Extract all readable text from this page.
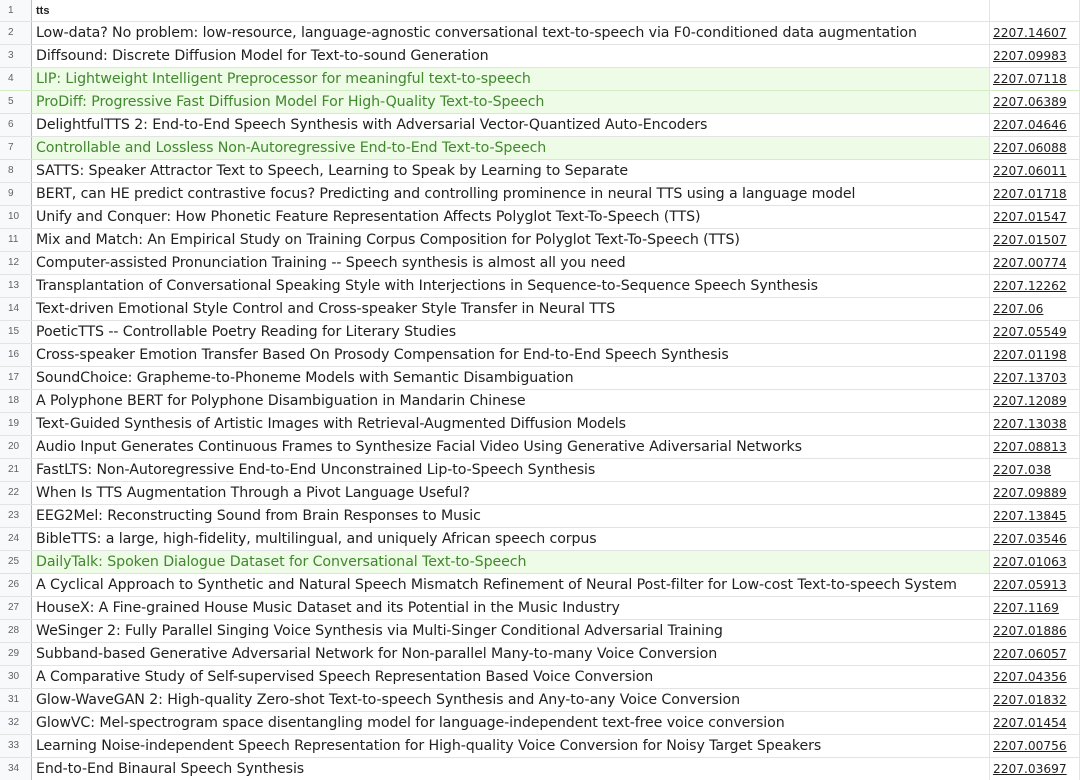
1	tts
2	Low-data? No problem: low-resource, language-agnostic conversational text-to-speech via F0-conditioned data augmentation	2207.14607
3	Diffsound: Discrete Diffusion Model for Text-to-sound Generation	2207.09983
4	LIP: Lightweight Intelligent Preprocessor for meaningful text-to-speech	2207.07118
5	ProDiff: Progressive Fast Diffusion Model For High-Quality Text-to-Speech	2207.06389
6	DelightfulTTS 2: End-to-End Speech Synthesis with Adversarial Vector-Quantized Auto-Encoders	2207.04646
7	Controllable and Lossless Non-Autoregressive End-to-End Text-to-Speech	2207.06088
8	SATTS: Speaker Attractor Text to Speech, Learning to Speak by Learning to Separate	2207.06011
9	BERT, can HE predict contrastive focus? Predicting and controlling prominence in neural TTS using a language model	2207.01718
10	Unify and Conquer: How Phonetic Feature Representation Affects Polyglot Text-To-Speech (TTS)	2207.01547
11	Mix and Match: An Empirical Study on Training Corpus Composition for Polyglot Text-To-Speech (TTS)	2207.01507
12	Computer-assisted Pronunciation Training -- Speech synthesis is almost all you need	2207.00774
13	Transplantation of Conversational Speaking Style with Interjections in Sequence-to-Sequence Speech Synthesis	2207.12262
14	Text-driven Emotional Style Control and Cross-speaker Style Transfer in Neural TTS	2207.06
15	PoeticTTS -- Controllable Poetry Reading for Literary Studies	2207.05549
16	Cross-speaker Emotion Transfer Based On Prosody Compensation for End-to-End Speech Synthesis	2207.01198
17	SoundChoice: Grapheme-to-Phoneme Models with Semantic Disambiguation	2207.13703
18	A Polyphone BERT for Polyphone Disambiguation in Mandarin Chinese	2207.12089
19	Text-Guided Synthesis of Artistic Images with Retrieval-Augmented Diffusion Models	2207.13038
20	Audio Input Generates Continuous Frames to Synthesize Facial Video Using Generative Adiversarial Networks	2207.08813
21	FastLTS: Non-Autoregressive End-to-End Unconstrained Lip-to-Speech Synthesis	2207.038
22	When Is TTS Augmentation Through a Pivot Language Useful?	2207.09889
23	EEG2Mel: Reconstructing Sound from Brain Responses to Music	2207.13845
24	BibleTTS: a large, high-fidelity, multilingual, and uniquely African speech corpus	2207.03546
25	DailyTalk: Spoken Dialogue Dataset for Conversational Text-to-Speech	2207.01063
26	A Cyclical Approach to Synthetic and Natural Speech Mismatch Refinement of Neural Post-filter for Low-cost Text-to-speech System	2207.05913
27	HouseX: A Fine-grained House Music Dataset and its Potential in the Music Industry	2207.1169
28	WeSinger 2: Fully Parallel Singing Voice Synthesis via Multi-Singer Conditional Adversarial Training	2207.01886
29	Subband-based Generative Adversarial Network for Non-parallel Many-to-many Voice Conversion	2207.06057
30	A Comparative Study of Self-supervised Speech Representation Based Voice Conversion	2207.04356
31	Glow-WaveGAN 2: High-quality Zero-shot Text-to-speech Synthesis and Any-to-any Voice Conversion	2207.01832
32	GlowVC: Mel-spectrogram space disentangling model for language-independent text-free voice conversion	2207.01454
33	Learning Noise-independent Speech Representation for High-quality Voice Conversion for Noisy Target Speakers	2207.00756
34	End-to-End Binaural Speech Synthesis	2207.03697
